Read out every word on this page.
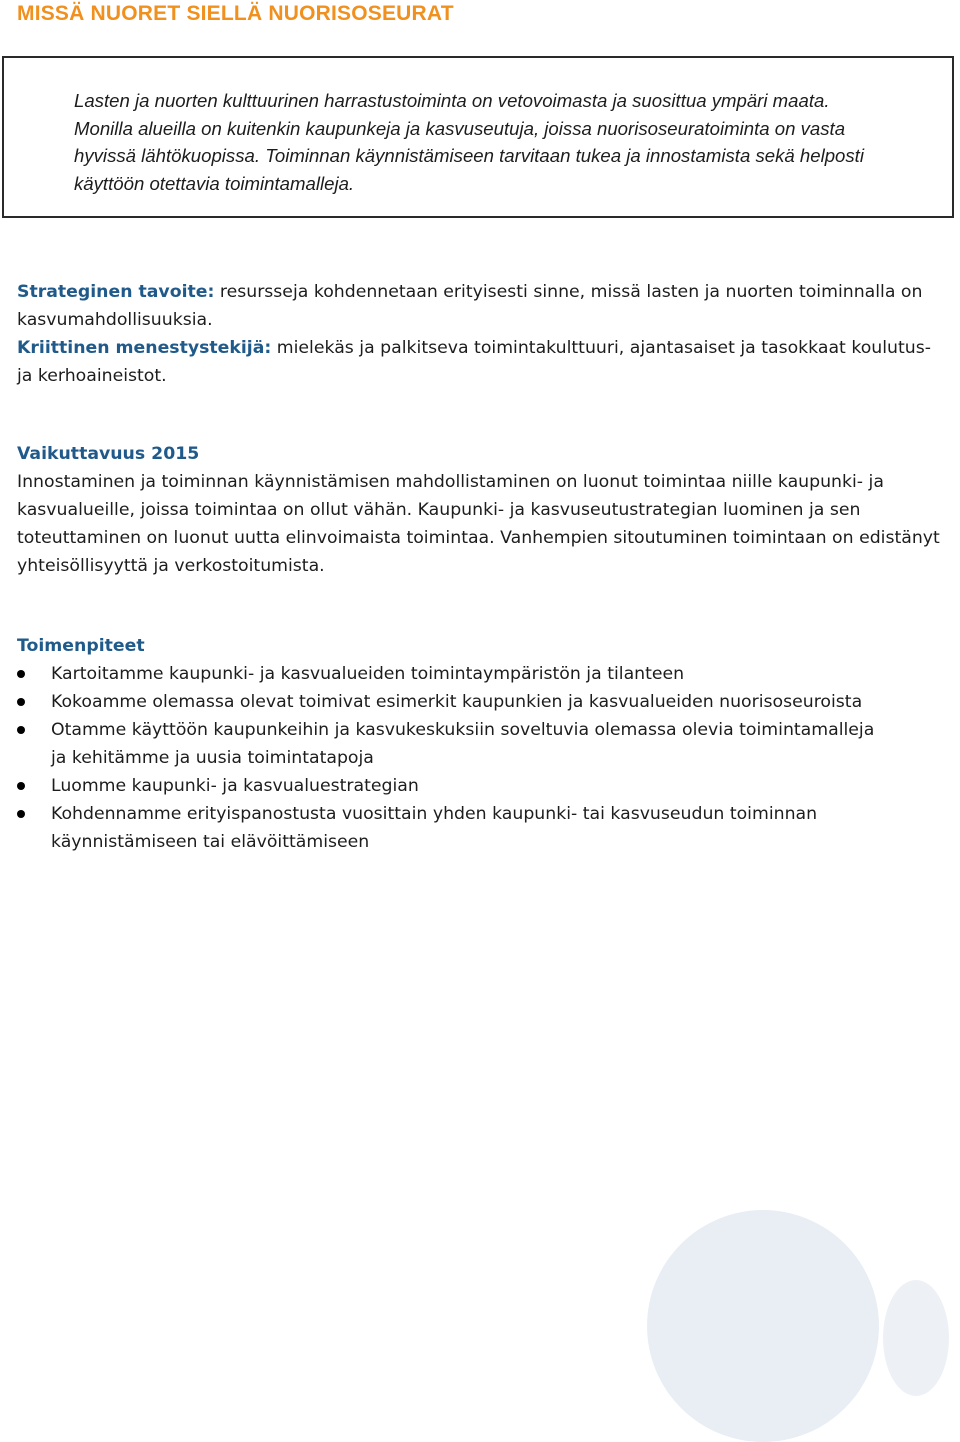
MISSÄ NUORET SIELLÄ NUORISOSEURAT

Lasten ja nuorten kulttuurinen harrastustoiminta on vetovoimasta ja suosittua ympäri maata. Monilla alueilla on kuitenkin kaupunkeja ja kasvuseutuja, joissa nuorisoseuratoiminta on vasta hyvissä lähtökuopissa. Toiminnan käynnistämiseen tarvitaan tukea ja innostamista sekä helposti käyttöön otettavia toimintamalleja.

Strateginen tavoite: resursseja kohdennetaan erityisesti sinne, missä lasten ja nuorten toiminnalla on kasvumahdollisuuksia.

Kriittinen menestystekijä: mielekäs ja palkitseva toimintakulttuuri, ajantasaiset ja tasokkaat koulutus- ja kerhoaineistot.

Vaikuttavuus 2015

Innostaminen ja toiminnan käynnistämisen mahdollistaminen on luonut toimintaa niille kaupunki- ja kasvualueille, joissa toimintaa on ollut vähän. Kaupunki- ja kasvuseutustrategian luominen ja sen toteuttaminen on luonut uutta elinvoimaista toimintaa. Vanhempien sitoutuminen toimintaan on edistänyt yhteisöllisyyttä ja verkostoitumista.

Toimenpiteet

Kartoitamme kaupunki- ja kasvualueiden toimintaympäristön ja tilanteen
Kokoamme olemassa olevat toimivat esimerkit kaupunkien ja kasvualueiden nuorisoseuroista
Otamme käyttöön kaupunkeihin ja kasvukeskuksiin soveltuvia olemassa olevia toimintamalleja ja kehitämme ja uusia toimintatapoja
Luomme kaupunki- ja kasvualuestrategian
Kohdennamme erityispanostusta vuosittain yhden kaupunki- tai kasvuseudun toiminnan käynnistämiseen tai elävöittämiseen
